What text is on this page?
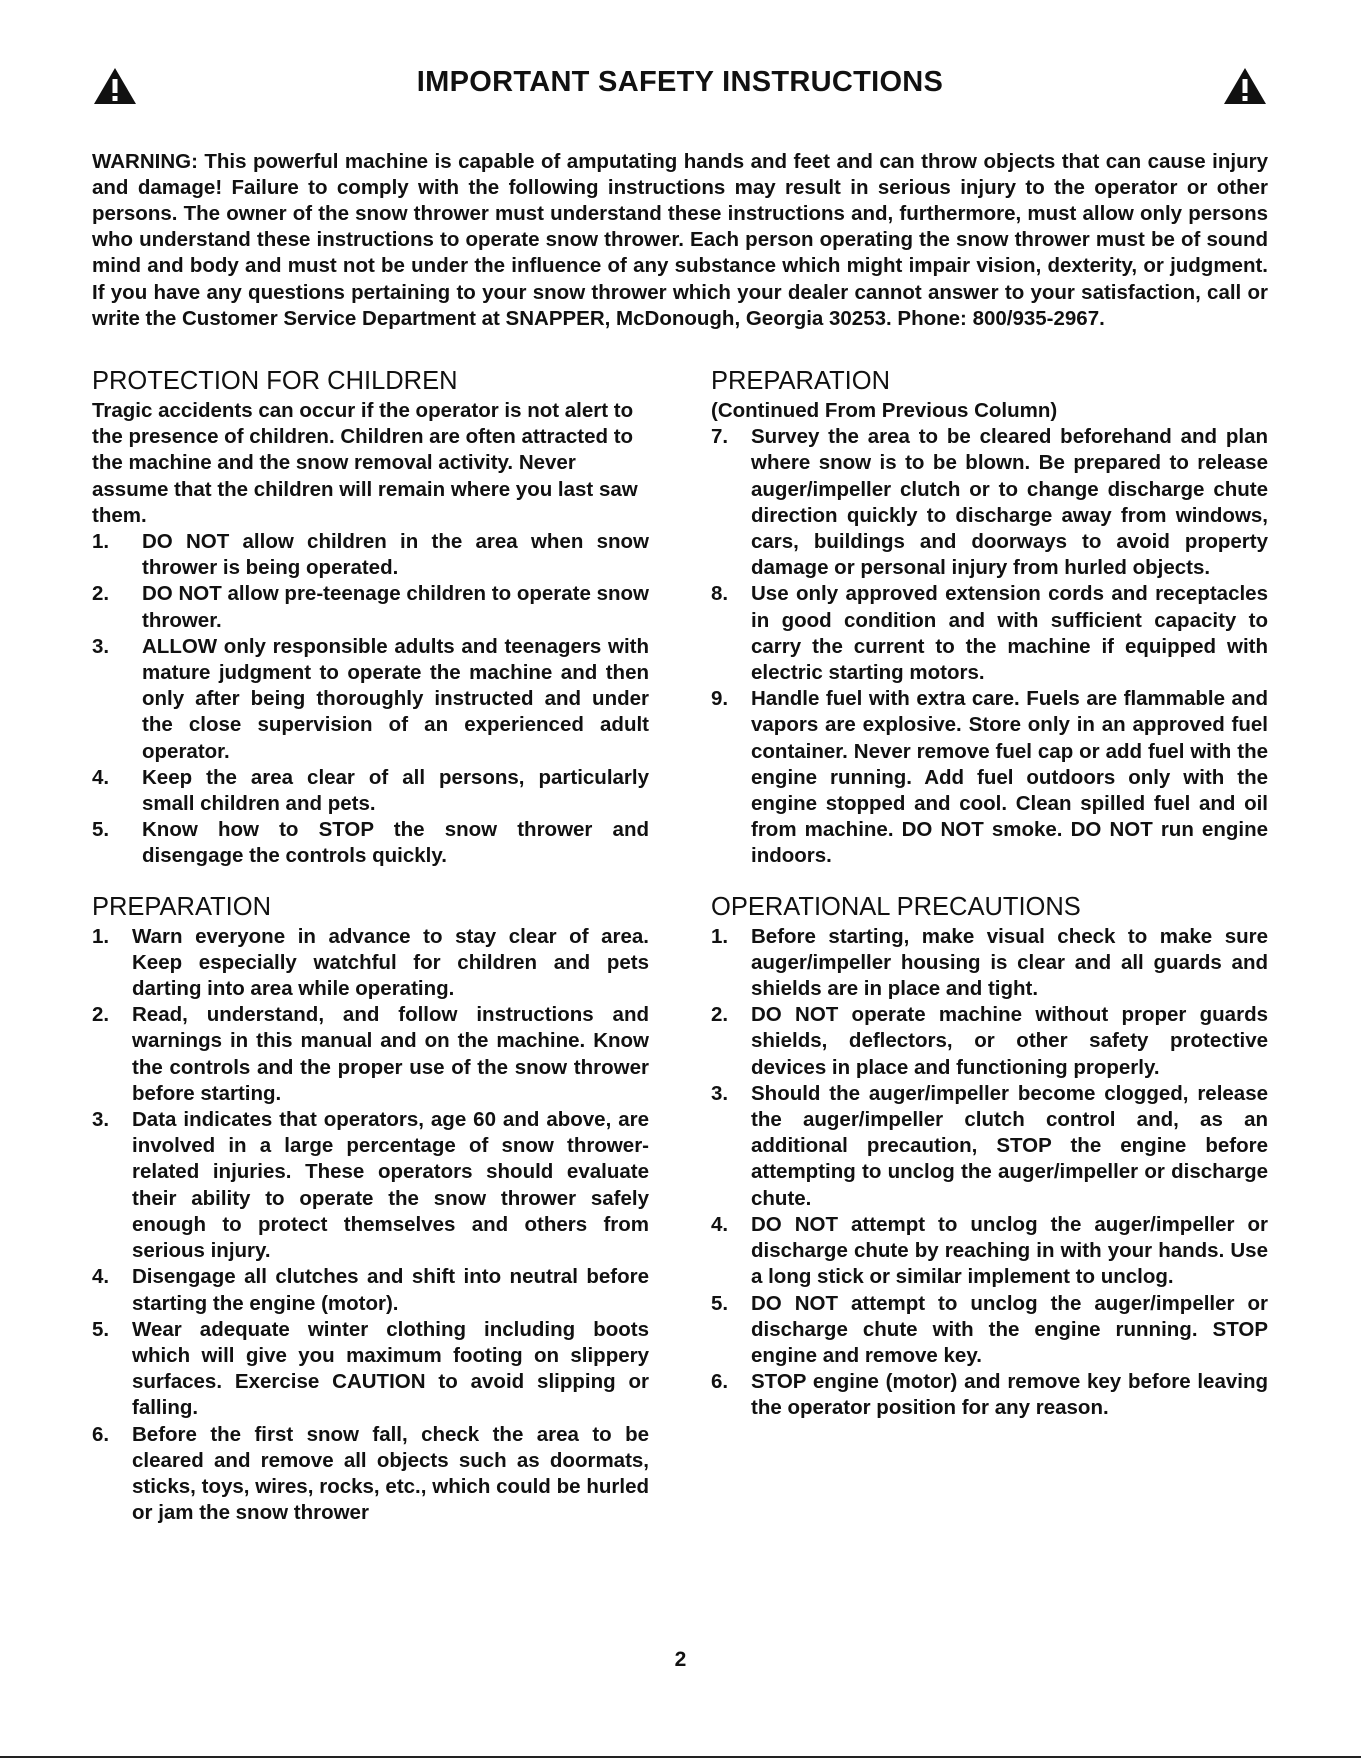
IMPORTANT SAFETY INSTRUCTIONS

WARNING: This powerful machine is capable of amputating hands and feet and can throw objects that can cause injury and damage! Failure to comply with the following instructions may result in serious injury to the operator or other persons. The owner of the snow thrower must understand these instructions and, furthermore, must allow only persons who understand these instructions to operate snow thrower. Each person operating the snow thrower must be of sound mind and body and must not be under the influence of any substance which might impair vision, dexterity, or judgment. If you have any questions pertaining to your snow thrower which your dealer cannot answer to your satisfaction, call or write the Customer Service Department at SNAPPER, McDonough, Georgia 30253. Phone: 800/935-2967.

PROTECTION FOR CHILDREN

Tragic accidents can occur if the operator is not alert to the presence of children. Children are often attracted to the machine and the snow removal activity. Never assume that the children will remain where you last saw them.

1.	DO NOT allow children in the area when snow thrower is being operated.
2.	DO NOT allow pre-teenage children to operate snow thrower.
3.	ALLOW only responsible adults and teenagers with mature judgment to operate the machine and then only after being thoroughly instructed and under the close supervision of an experienced adult operator.
4.	Keep the area clear of all persons, particularly small children and pets.
5.	Know how to STOP the snow thrower and disengage the controls quickly.
PREPARATION
1.	Warn everyone in advance to stay clear of area. Keep especially watchful for children and pets darting into area while operating.
2.	Read, understand, and follow instructions and warnings in this manual and on the machine. Know the controls and the proper use of the snow thrower before starting.
3.	Data indicates that operators, age 60 and above, are involved in a large percentage of snow thrower-related injuries. These operators should evaluate their ability to operate the snow thrower safely enough to protect themselves and others from serious injury.
4.	Disengage all clutches and shift into neutral before starting the engine (motor).
5.	Wear adequate winter clothing including boots which will give you maximum footing on slippery surfaces. Exercise CAUTION to avoid slipping or falling.
6.	Before the first snow fall, check the area to be cleared and remove all objects such as doormats, sticks, toys, wires, rocks, etc., which could be hurled or jam the snow thrower
PREPARATION

(Continued From Previous Column)

7.	Survey the area to be cleared beforehand and plan where snow is to be blown. Be prepared to release auger/impeller clutch or to change discharge chute direction quickly to discharge away from windows, cars, buildings and doorways to avoid property damage or personal injury from hurled objects.
8.	Use only approved extension cords and receptacles in good condition and with sufficient capacity to carry the current to the machine if equipped with electric starting motors.
9.	Handle fuel with extra care. Fuels are flammable and vapors are explosive. Store only in an approved fuel container. Never remove fuel cap or add fuel with the engine running. Add fuel outdoors only with the engine stopped and cool. Clean spilled fuel and oil from machine. DO NOT smoke. DO NOT run engine indoors.
OPERATIONAL PRECAUTIONS
1.	Before starting, make visual check to make sure auger/impeller housing is clear and all guards and shields are in place and tight.
2.	DO NOT operate machine without proper guards shields, deflectors, or other safety protective devices in place and functioning properly.
3.	Should the auger/impeller become clogged, release the auger/impeller clutch control and, as an additional precaution, STOP the engine before attempting to unclog the auger/impeller or discharge chute.
4.	DO NOT attempt to unclog the auger/impeller or discharge chute by reaching in with your hands. Use a long stick or similar implement to unclog.
5.	DO NOT attempt to unclog the auger/impeller or discharge chute with the engine running. STOP engine and remove key.
6.	STOP engine (motor) and remove key before leaving the operator position for any reason.
2
